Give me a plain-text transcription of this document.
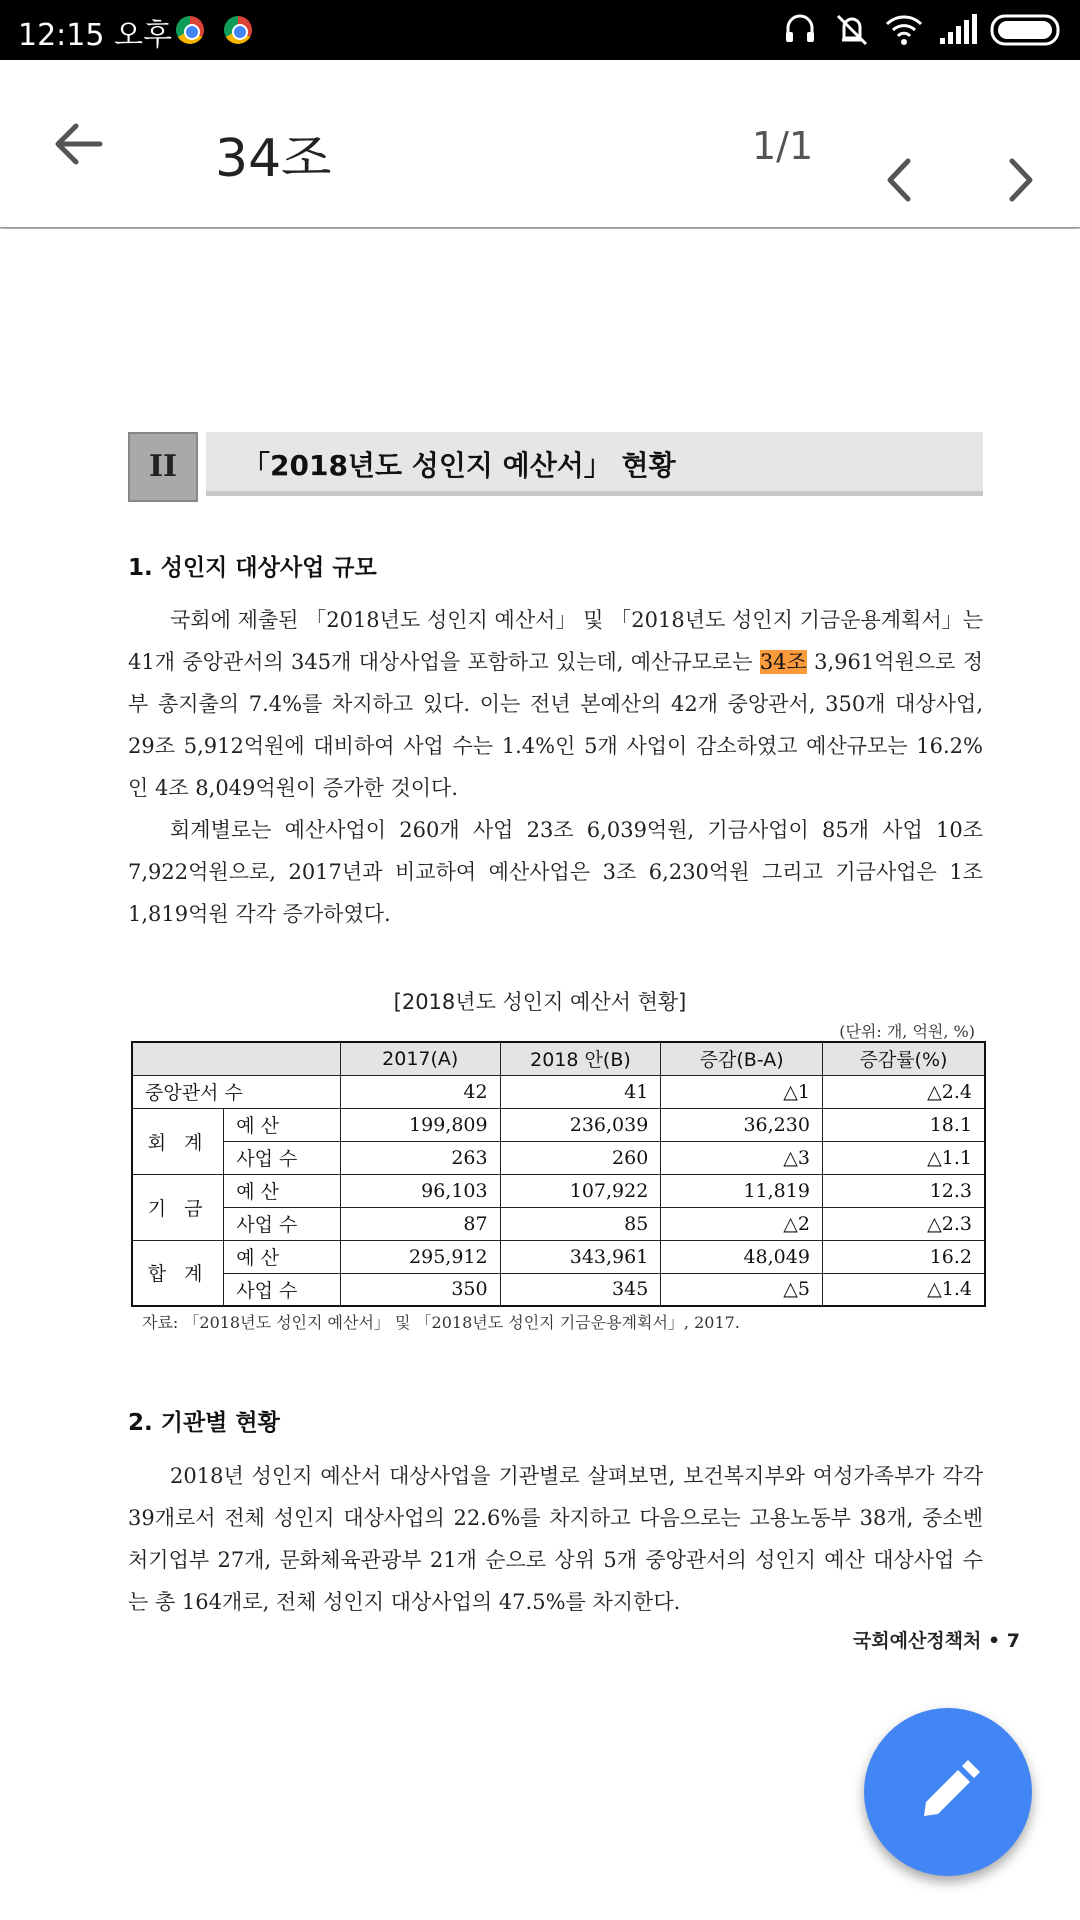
12:15 오후
34조	1/1
II	「2018년도 성인지 예산서」 현황
1. 성인지 대상사업 규모
국회에 제출된 「2018년도 성인지 예산서」 및 「2018년도 성인지 기금운용계획서」는 41개 중앙관서의 345개 대상사업을 포함하고 있는데, 예산규모로는 34조 3,961억원으로 정부 총지출의 7.4%를 차지하고 있다. 이는 전년 본예산의 42개 중앙관서, 350개 대상사업, 29조 5,912억원에 대비하여 사업 수는 1.4%인 5개 사업이 감소하였고 예산규모는 16.2%인 4조 8,049억원이 증가한 것이다.
회계별로는 예산사업이 260개 사업 23조 6,039억원, 기금사업이 85개 사업 10조 7,922억원으로, 2017년과 비교하여 예산사업은 3조 6,230억원 그리고 기금사업은 1조 1,819억원 각각 증가하였다.
[2018년도 성인지 예산서 현황]
(단위: 개, 억원, %)
		2017(A)	2018 안(B)	증감(B-A)	증감률(%)
중앙관서 수		42	41	△1	△2.4
회 계	예 산	199,809	236,039	36,230	18.1
	사업 수	263	260	△3	△1.1
기 금	예 산	96,103	107,922	11,819	12.3
	사업 수	87	85	△2	△2.3
합 계	예 산	295,912	343,961	48,049	16.2
	사업 수	350	345	△5	△1.4
자료: 「2018년도 성인지 예산서」 및 「2018년도 성인지 기금운용계획서」, 2017.
2. 기관별 현황
2018년 성인지 예산서 대상사업을 기관별로 살펴보면, 보건복지부와 여성가족부가 각각 39개로서 전체 성인지 대상사업의 22.6%를 차지하고 다음으로는 고용노동부 38개, 중소벤처기업부 27개, 문화체육관광부 21개 순으로 상위 5개 중앙관서의 성인지 예산 대상사업 수는 총 164개로, 전체 성인지 대상사업의 47.5%를 차지한다.
국회예산정책처 • 7
